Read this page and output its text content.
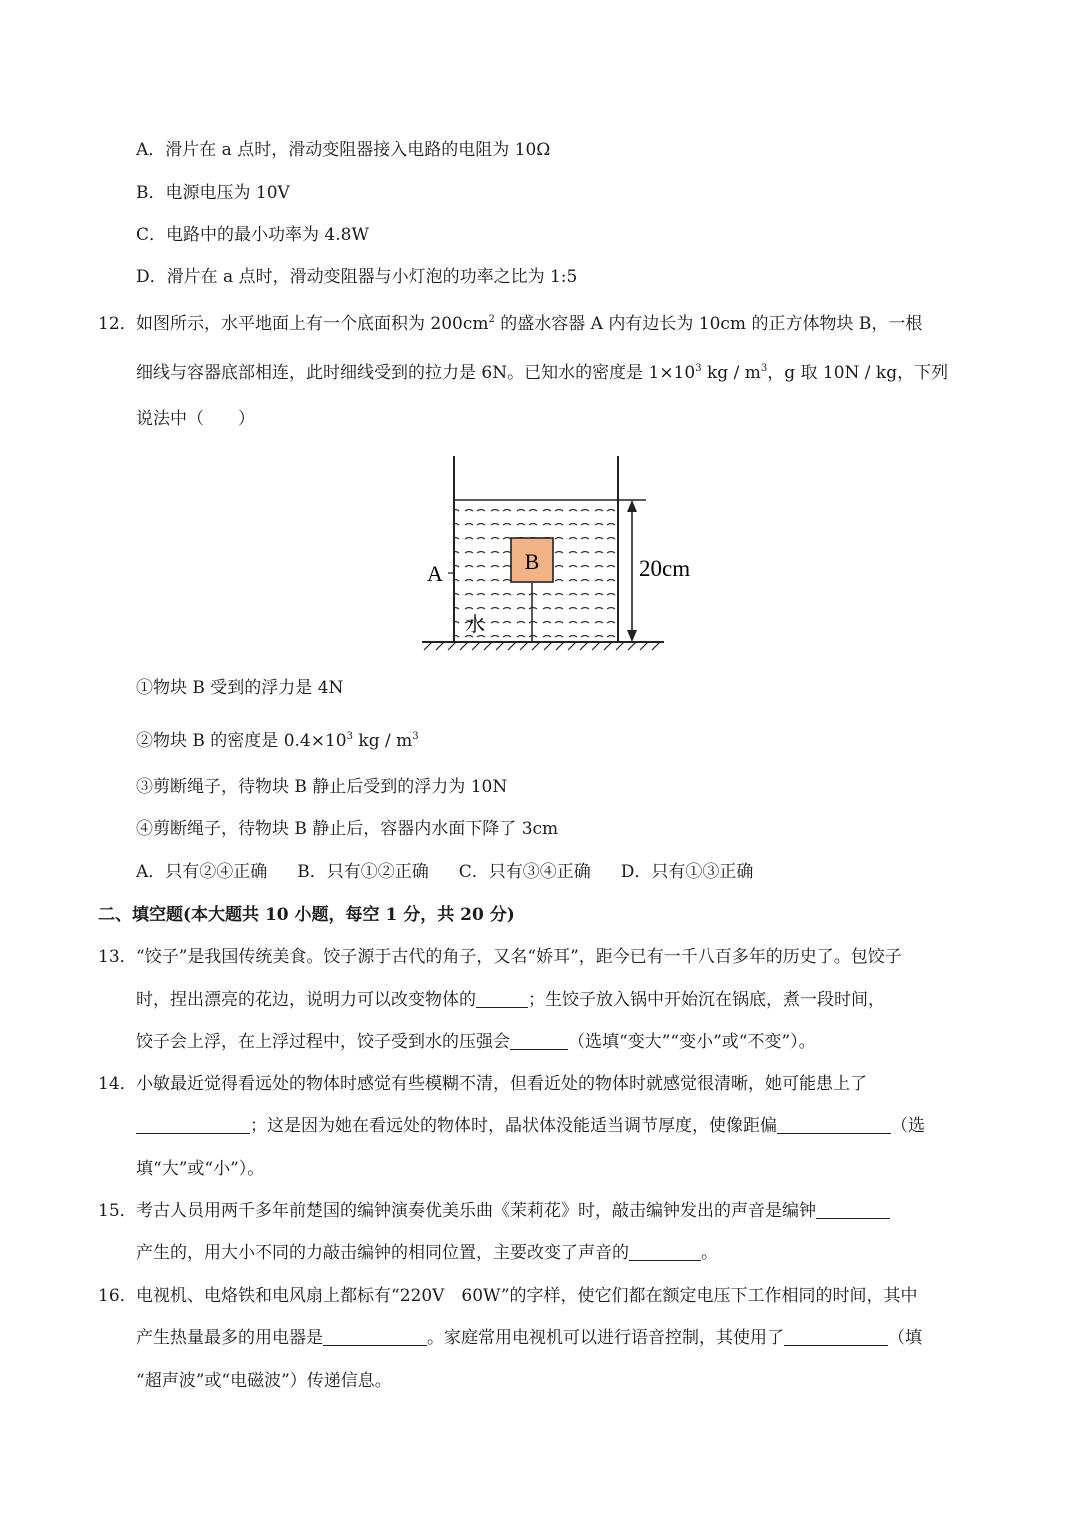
A．滑片在 a 点时，滑动变阻器接入电路的电阻为 10Ω
B．电源电压为 10V
C．电路中的最小功率为 4.8W
D．滑片在 a 点时，滑动变阻器与小灯泡的功率之比为 1:5
12．如图所示，水平地面上有一个底面积为 $200cm^2$ 的盛水容器 A 内有边长为 10cm 的正方体物块 B，一根
细线与容器底部相连，此时细线受到的拉力是 6N。已知水的密度是 $1\times 10^3$ kg / $m^3$，g 取 10N / kg，下列
说法中（　　）
B
A
水
20cm
①物块 B 受到的浮力是 4N
②物块 B 的密度是 $0.4\times 10^3$ kg / $m^3$
③剪断绳子，待物块 B 静止后受到的浮力为 10N
④剪断绳子，待物块 B 静止后，容器内水面下降了 3cm
A．只有②④正确 B．只有①②正确 C．只有③④正确 D．只有①③正确
二、填空题(本大题共 10 小题，每空 1 分，共 20 分)
13．“饺子”是我国传统美食。饺子源于古代的角子，又名“娇耳”，距今已有一千八百多年的历史了。包饺子
时，捏出漂亮的花边，说明力可以改变物体的	；生饺子放入锅中开始沉在锅底，煮一段时间，
饺子会上浮，在上浮过程中，饺子受到水的压强会	（选填“变大”“变小”或“不变”）。
14．小敏最近觉得看远处的物体时感觉有些模糊不清，但看近处的物体时就感觉很清晰，她可能患上了
；这是因为她在看远处的物体时，晶状体没能适当调节厚度，使像距偏	（选
填“大”或“小”）。
15．考古人员用两千多年前楚国的编钟演奏优美乐曲《茉莉花》时，敲击编钟发出的声音是编钟
产生的，用大小不同的力敲击编钟的相同位置，主要改变了声音的	。
16．电视机、电烙铁和电风扇上都标有“220V　60W”的字样，使它们都在额定电压下工作相同的时间，其中
产生热量最多的用电器是	。家庭常用电视机可以进行语音控制，其使用了	（填
“超声波”或“电磁波”）传递信息。
